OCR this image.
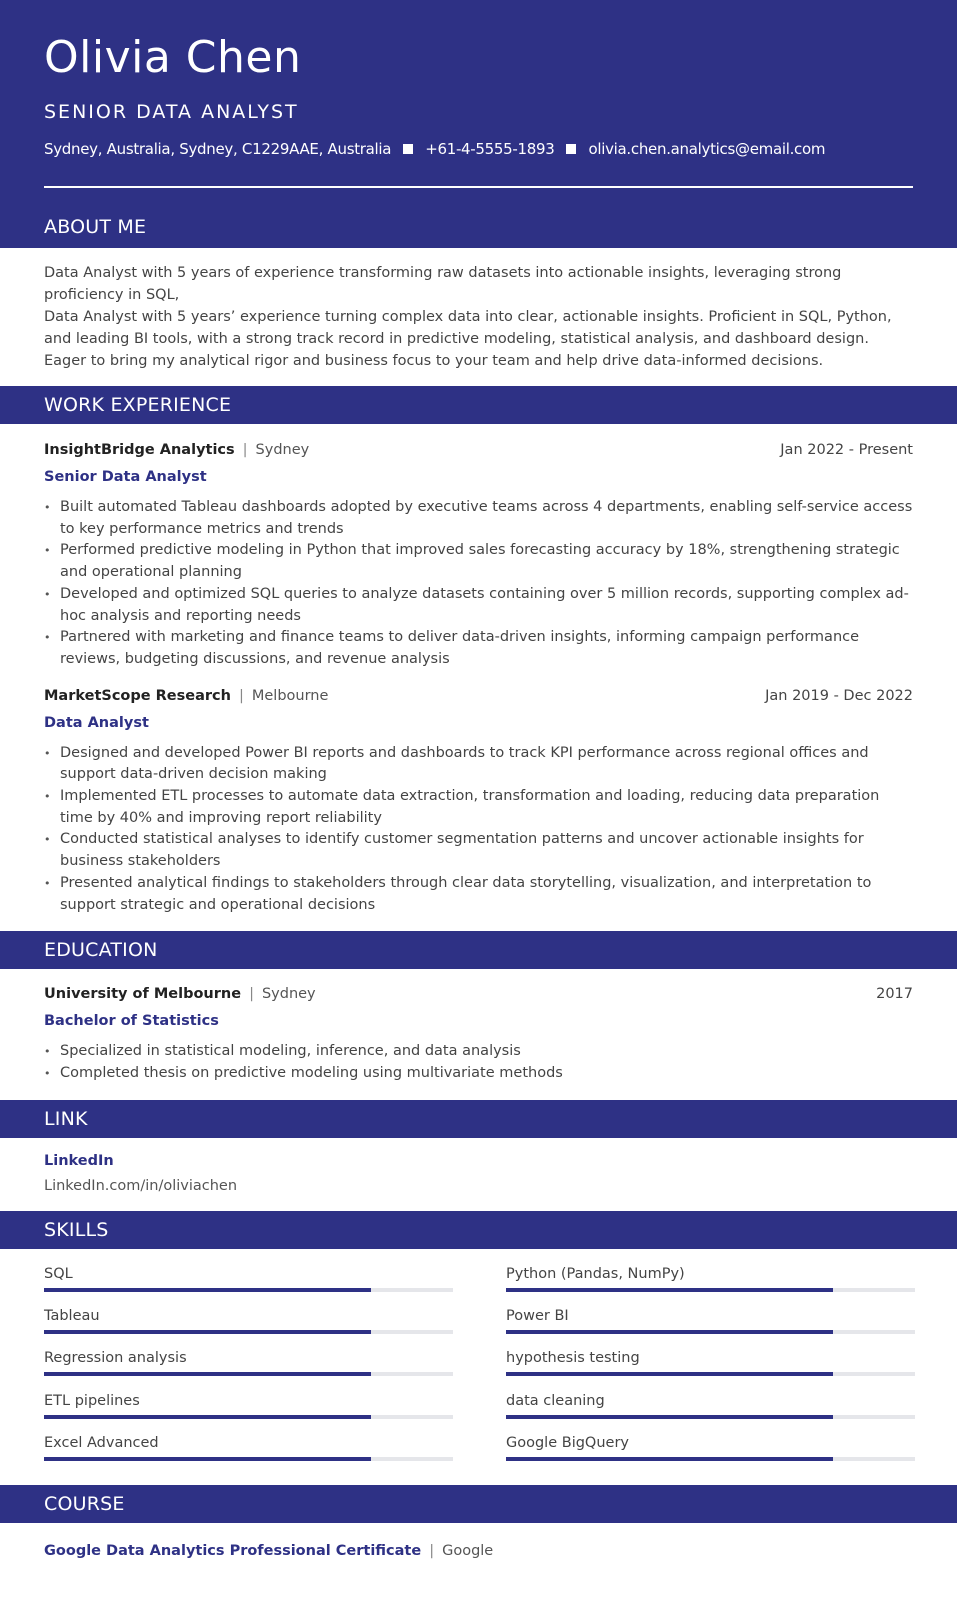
Olivia Chen
SENIOR DATA ANALYST
Sydney, Australia, Sydney, C1229AAE, Australia +61-4-5555-1893 olivia.chen.analytics@email.com
ABOUT ME
Data Analyst with 5 years of experience transforming raw datasets into actionable insights, leveraging strong proficiency in SQL,
Data Analyst with 5 years’ experience turning complex data into clear, actionable insights. Proficient in SQL, Python, and leading BI tools, with a strong track record in predictive modeling, statistical analysis, and dashboard design. Eager to bring my analytical rigor and business focus to your team and help drive data-informed decisions.
WORK EXPERIENCE
InsightBridge Analytics | Sydney	Jan 2022 - Present
Senior Data Analyst
• Built automated Tableau dashboards adopted by executive teams across 4 departments, enabling self-service access to key performance metrics and trends
• Performed predictive modeling in Python that improved sales forecasting accuracy by 18%, strengthening strategic and operational planning
• Developed and optimized SQL queries to analyze datasets containing over 5 million records, supporting complex ad-hoc analysis and reporting needs
• Partnered with marketing and finance teams to deliver data-driven insights, informing campaign performance reviews, budgeting discussions, and revenue analysis
MarketScope Research | Melbourne	Jan 2019 - Dec 2022
Data Analyst
• Designed and developed Power BI reports and dashboards to track KPI performance across regional offices and support data-driven decision making
• Implemented ETL processes to automate data extraction, transformation and loading, reducing data preparation time by 40% and improving report reliability
• Conducted statistical analyses to identify customer segmentation patterns and uncover actionable insights for business stakeholders
• Presented analytical findings to stakeholders through clear data storytelling, visualization, and interpretation to support strategic and operational decisions
EDUCATION
University of Melbourne | Sydney	2017
Bachelor of Statistics
• Specialized in statistical modeling, inference, and data analysis
• Completed thesis on predictive modeling using multivariate methods
LINK
LinkedIn
LinkedIn.com/in/oliviachen
SKILLS
SQL	Python (Pandas, NumPy)
Tableau	Power BI
Regression analysis	hypothesis testing
ETL pipelines	data cleaning
Excel Advanced	Google BigQuery
COURSE
Google Data Analytics Professional Certificate | Google
